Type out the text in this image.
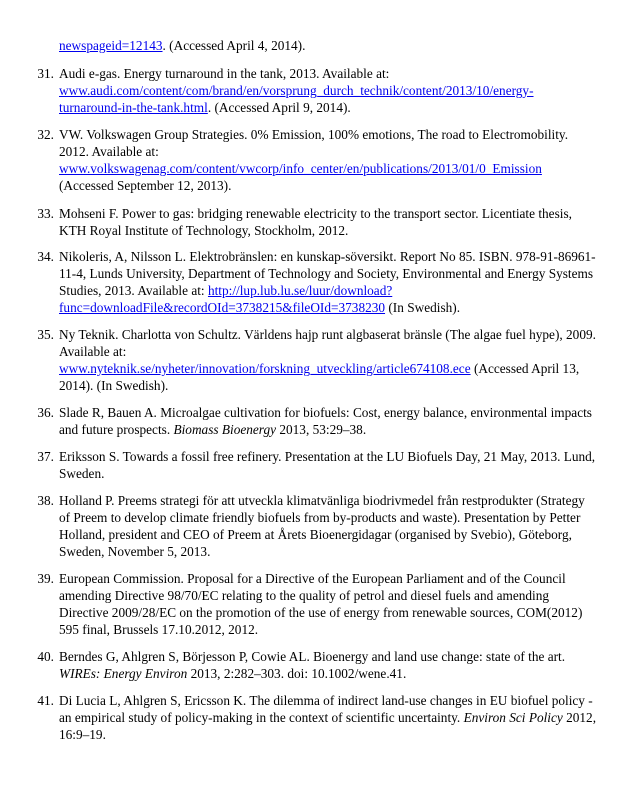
newspageid=12143. (Accessed April 4, 2014).
31. Audi e-gas. Energy turnaround in the tank, 2013. Available at:
www.audi.com/content/com/brand/en/vorsprung_durch_technik/content/2013/10/energy-
turnaround-in-the-tank.html. (Accessed April 9, 2014).
32. VW. Volkswagen Group Strategies. 0% Emission, 100% emotions, The road to Electromobility. 2012. Available at:
www.volkswagenag.com/content/vwcorp/info_center/en/publications/2013/01/0_Emission
(Accessed September 12, 2013).
33. Mohseni F. Power to gas: bridging renewable electricity to the transport sector. Licentiate thesis, KTH Royal Institute of Technology, Stockholm, 2012.
34. Nikoleris, A, Nilsson L. Elektrobränslen: en kunskap-söversikt. Report No 85. ISBN. 978-91-86961-11-4, Lunds University, Department of Technology and Society, Environmental and Energy Systems Studies, 2013. Available at: http://lup.lub.lu.se/luur/download?
func=downloadFile&recordOId=3738215&fileOId=3738230 (In Swedish).
35. Ny Teknik. Charlotta von Schultz. Världens hajp runt algbaserat bränsle (The algae fuel hype), 2009. Available at:
www.nyteknik.se/nyheter/innovation/forskning_utveckling/article674108.ece (Accessed April 13, 2014). (In Swedish).
36. Slade R, Bauen A. Microalgae cultivation for biofuels: Cost, energy balance, environmental impacts and future prospects. Biomass Bioenergy 2013, 53:29–38.
37. Eriksson S. Towards a fossil free refinery. Presentation at the LU Biofuels Day, 21 May, 2013. Lund, Sweden.
38. Holland P. Preems strategi för att utveckla klimatvänliga biodrivmedel från restprodukter (Strategy of Preem to develop climate friendly biofuels from by-products and waste). Presentation by Petter Holland, president and CEO of Preem at Årets Bioenergidagar (organised by Svebio), Göteborg, Sweden, November 5, 2013.
39. European Commission. Proposal for a Directive of the European Parliament and of the Council amending Directive 98/70/EC relating to the quality of petrol and diesel fuels and amending Directive 2009/28/EC on the promotion of the use of energy from renewable sources, COM(2012) 595 final, Brussels 17.10.2012, 2012.
40. Berndes G, Ahlgren S, Börjesson P, Cowie AL. Bioenergy and land use change: state of the art. WIREs: Energy Environ 2013, 2:282–303. doi: 10.1002/wene.41.
41. Di Lucia L, Ahlgren S, Ericsson K. The dilemma of indirect land-use changes in EU biofuel policy - an empirical study of policy-making in the context of scientific uncertainty. Environ Sci Policy 2012, 16:9–19.
